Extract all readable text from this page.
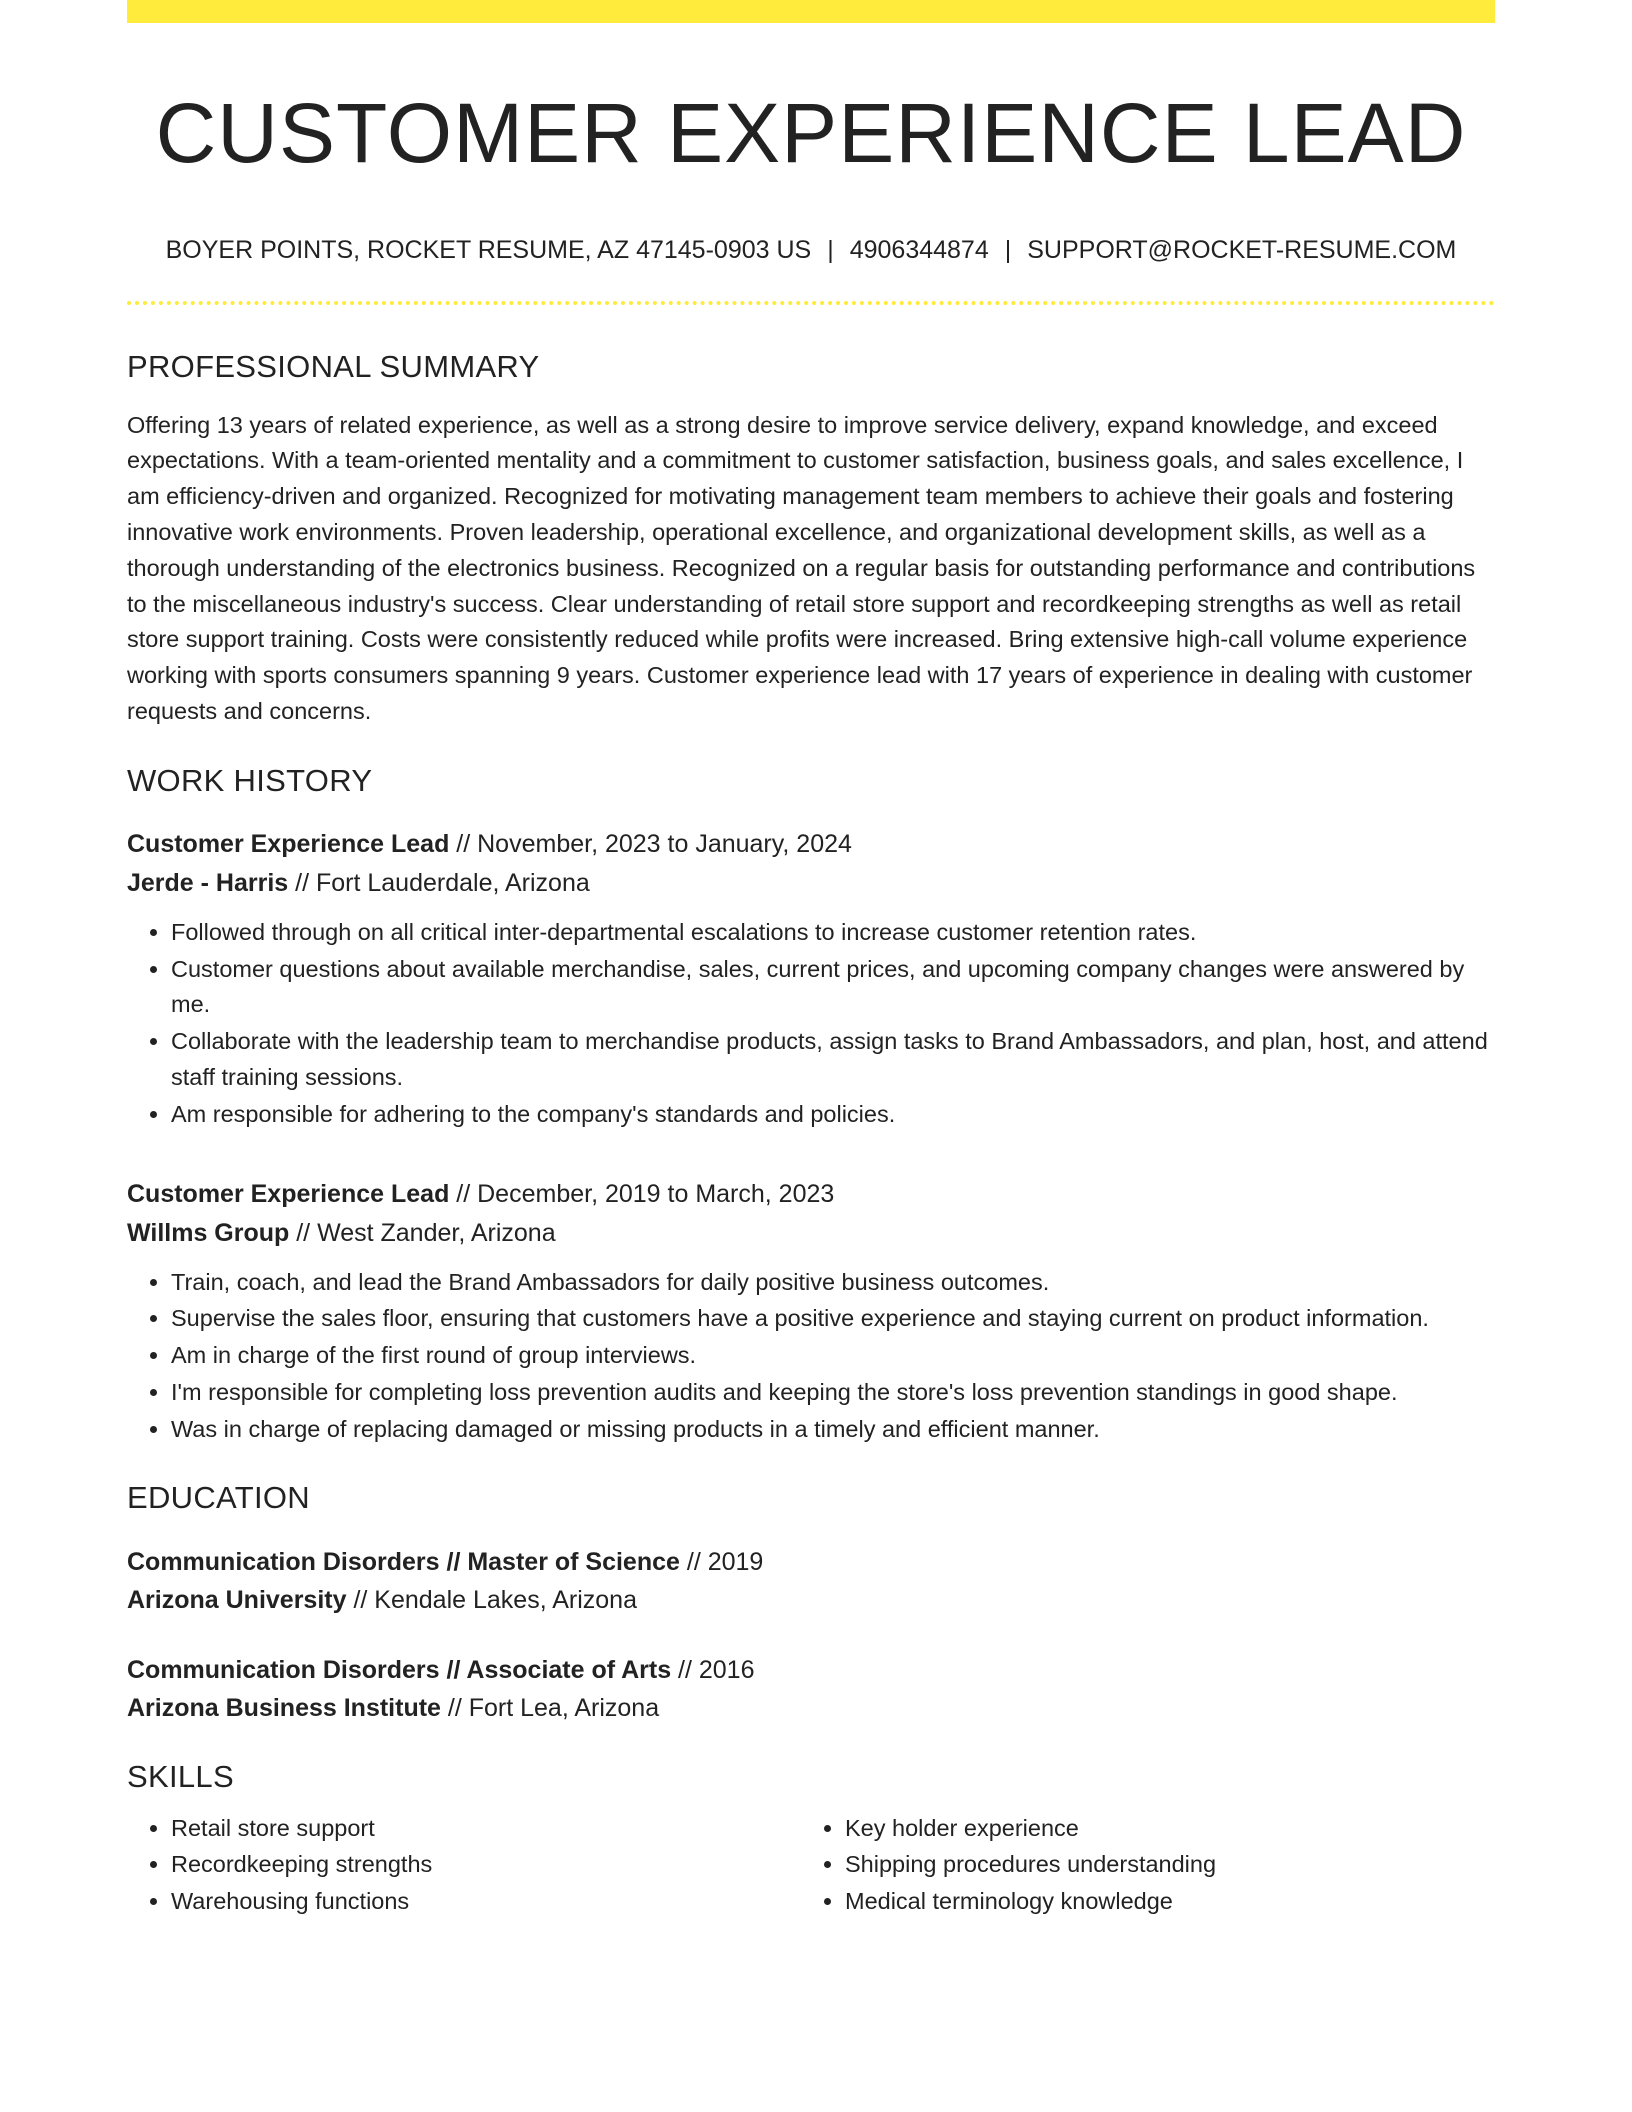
CUSTOMER EXPERIENCE LEAD
BOYER POINTS, ROCKET RESUME, AZ 47145-0903 US | 4906344874 | SUPPORT@ROCKET-RESUME.COM
PROFESSIONAL SUMMARY
Offering 13 years of related experience, as well as a strong desire to improve service delivery, expand knowledge, and exceed expectations. With a team-oriented mentality and a commitment to customer satisfaction, business goals, and sales excellence, I am efficiency-driven and organized. Recognized for motivating management team members to achieve their goals and fostering innovative work environments. Proven leadership, operational excellence, and organizational development skills, as well as a thorough understanding of the electronics business. Recognized on a regular basis for outstanding performance and contributions to the miscellaneous industry's success. Clear understanding of retail store support and recordkeeping strengths as well as retail store support training. Costs were consistently reduced while profits were increased. Bring extensive high-call volume experience working with sports consumers spanning 9 years. Customer experience lead with 17 years of experience in dealing with customer requests and concerns.
WORK HISTORY
Customer Experience Lead // November, 2023 to January, 2024
Jerde - Harris // Fort Lauderdale, Arizona
• Followed through on all critical inter-departmental escalations to increase customer retention rates.
• Customer questions about available merchandise, sales, current prices, and upcoming company changes were answered by me.
• Collaborate with the leadership team to merchandise products, assign tasks to Brand Ambassadors, and plan, host, and attend staff training sessions.
• Am responsible for adhering to the company's standards and policies.
Customer Experience Lead // December, 2019 to March, 2023
Willms Group // West Zander, Arizona
• Train, coach, and lead the Brand Ambassadors for daily positive business outcomes.
• Supervise the sales floor, ensuring that customers have a positive experience and staying current on product information.
• Am in charge of the first round of group interviews.
• I'm responsible for completing loss prevention audits and keeping the store's loss prevention standings in good shape.
• Was in charge of replacing damaged or missing products in a timely and efficient manner.
EDUCATION
Communication Disorders // Master of Science // 2019
Arizona University // Kendale Lakes, Arizona
Communication Disorders // Associate of Arts // 2016
Arizona Business Institute // Fort Lea, Arizona
SKILLS
• Retail store support
• Recordkeeping strengths
• Warehousing functions
• Key holder experience
• Shipping procedures understanding
• Medical terminology knowledge
